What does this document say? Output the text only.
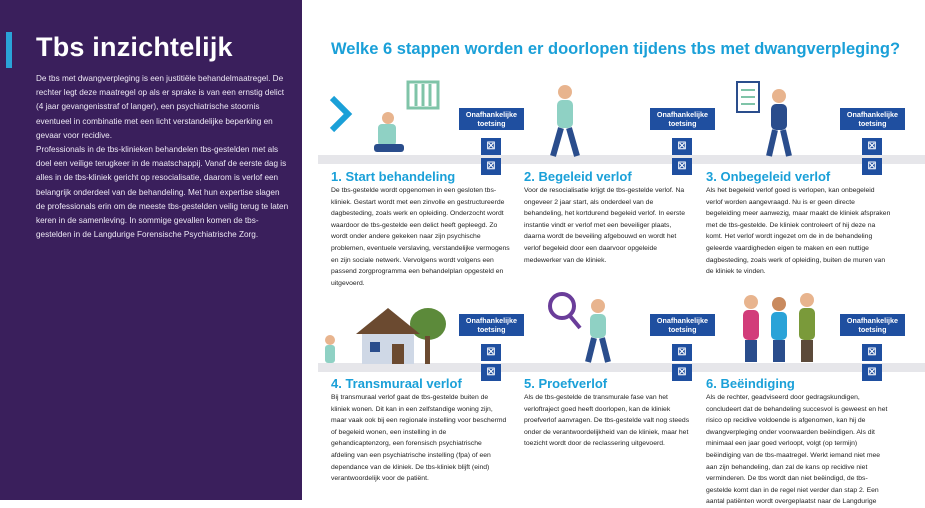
Tbs inzichtelijk
De tbs met dwangverpleging is een justitiële behandelmaatregel. De rechter legt deze maatregel op als er sprake is van een ernstig delict (4 jaar gevangenisstraf of langer), een psychiatrische stoornis eventueel in combinatie met een licht verstandelijke beperking en gevaar voor recidive.
Professionals in de tbs-klinieken behandelen tbs-gestelden met als doel een veilige terugkeer in de maatschappij. Vanaf de eerste dag is alles in de tbs-kliniek gericht op resocialisatie, daarom is verlof een belangrijk onderdeel van de behandeling. Met hun expertise slagen de professionals erin om de meeste tbs-gestelden veilig terug te laten keren in de samenleving. In sommige gevallen komen de tbs-gestelden in de Langdurige Forensische Psychiatrische Zorg.
Welke 6 stappen worden er doorlopen tijdens tbs met dwangverpleging?
Onafhankelijke
toetsing
☒
☒
Onafhankelijke
toetsing
☒
☒
Onafhankelijke
toetsing
☒
☒
Onafhankelijke
toetsing
☒
☒
Onafhankelijke
toetsing
☒
☒
Onafhankelijke
toetsing
☒
☒
1. Start behandeling
De tbs-gestelde wordt opgenomen in een gesloten tbs-kliniek. Gestart wordt met een zinvolle en gestructureerde dagbesteding, zoals werk en opleiding. Onderzocht wordt waardoor de tbs-gestelde een delict heeft gepleegd. Zo wordt onder andere gekeken naar zijn psychische problemen, eventuele verslaving, verstandelijke vermogens en zijn sociale netwerk. Vervolgens wordt volgens een passend zorgprogramma een behandelplan opgesteld en uitgevoerd.
2. Begeleid verlof
Voor de resocialisatie krijgt de tbs-gestelde verlof. Na ongeveer 2 jaar start, als onderdeel van de behandeling, het kortdurend begeleid verlof. In eerste instantie vindt er verlof met een beveiliger plaats, daarna wordt de beveiling afgebouwd en wordt het verlof begeleid door een daarvoor opgeleide medewerker van de kliniek.
3. Onbegeleid verlof
Als het begeleid verlof goed is verlopen, kan onbegeleid verlof worden aangevraagd. Nu is er geen directe begeleiding meer aanwezig, maar maakt de kliniek afspraken met de tbs-gestelde. De kliniek controleert of hij deze na komt. Het verlof wordt ingezet om de in de behandeling geleerde vaardigheden eigen te maken en een nuttige dagbesteding, zoals werk of opleiding, buiten de muren van de kliniek te vinden.
4. Transmuraal verlof
Bij transmuraal verlof gaat de tbs-gestelde buiten de kliniek wonen. Dit kan in een zelfstandige woning zijn, maar vaak ook bij een regionale instelling voor beschermd of begeleid wonen, een instelling in de gehandicaptenzorg, een forensisch psychiatrische afdeling van een psychiatrische instelling (fpa) of een dependance van de kliniek. De tbs-kliniek blijft (eind) verantwoordelijk voor de patiënt.
5. Proefverlof
Als de tbs-gestelde de transmurale fase van het verloftraject goed heeft doorlopen, kan de kliniek proefverlof aanvragen. De tbs-gestelde valt nog steeds onder de verantwoordelijkheid van de kliniek, maar het toezicht wordt door de reclassering uitgevoerd.
6. Beëindiging
Als de rechter, geadviseerd door gedragskundigen, concludeert dat de behandeling succesvol is geweest en het risico op recidive voldoende is afgenomen, kan hij de dwangverpleging onder voorwaarden beëindigen. Als dit minimaal een jaar goed verloopt, volgt (op termijn) beëindiging van de tbs-maatregel. Werkt iemand niet mee aan zijn behandeling, dan zal de kans op recidive niet verminderen. De tbs wordt dan niet beëindigd, de tbs-gestelde komt dan in de regel niet verder dan stap 2. Een aantal patiënten wordt overgeplaatst naar de Langdurige
